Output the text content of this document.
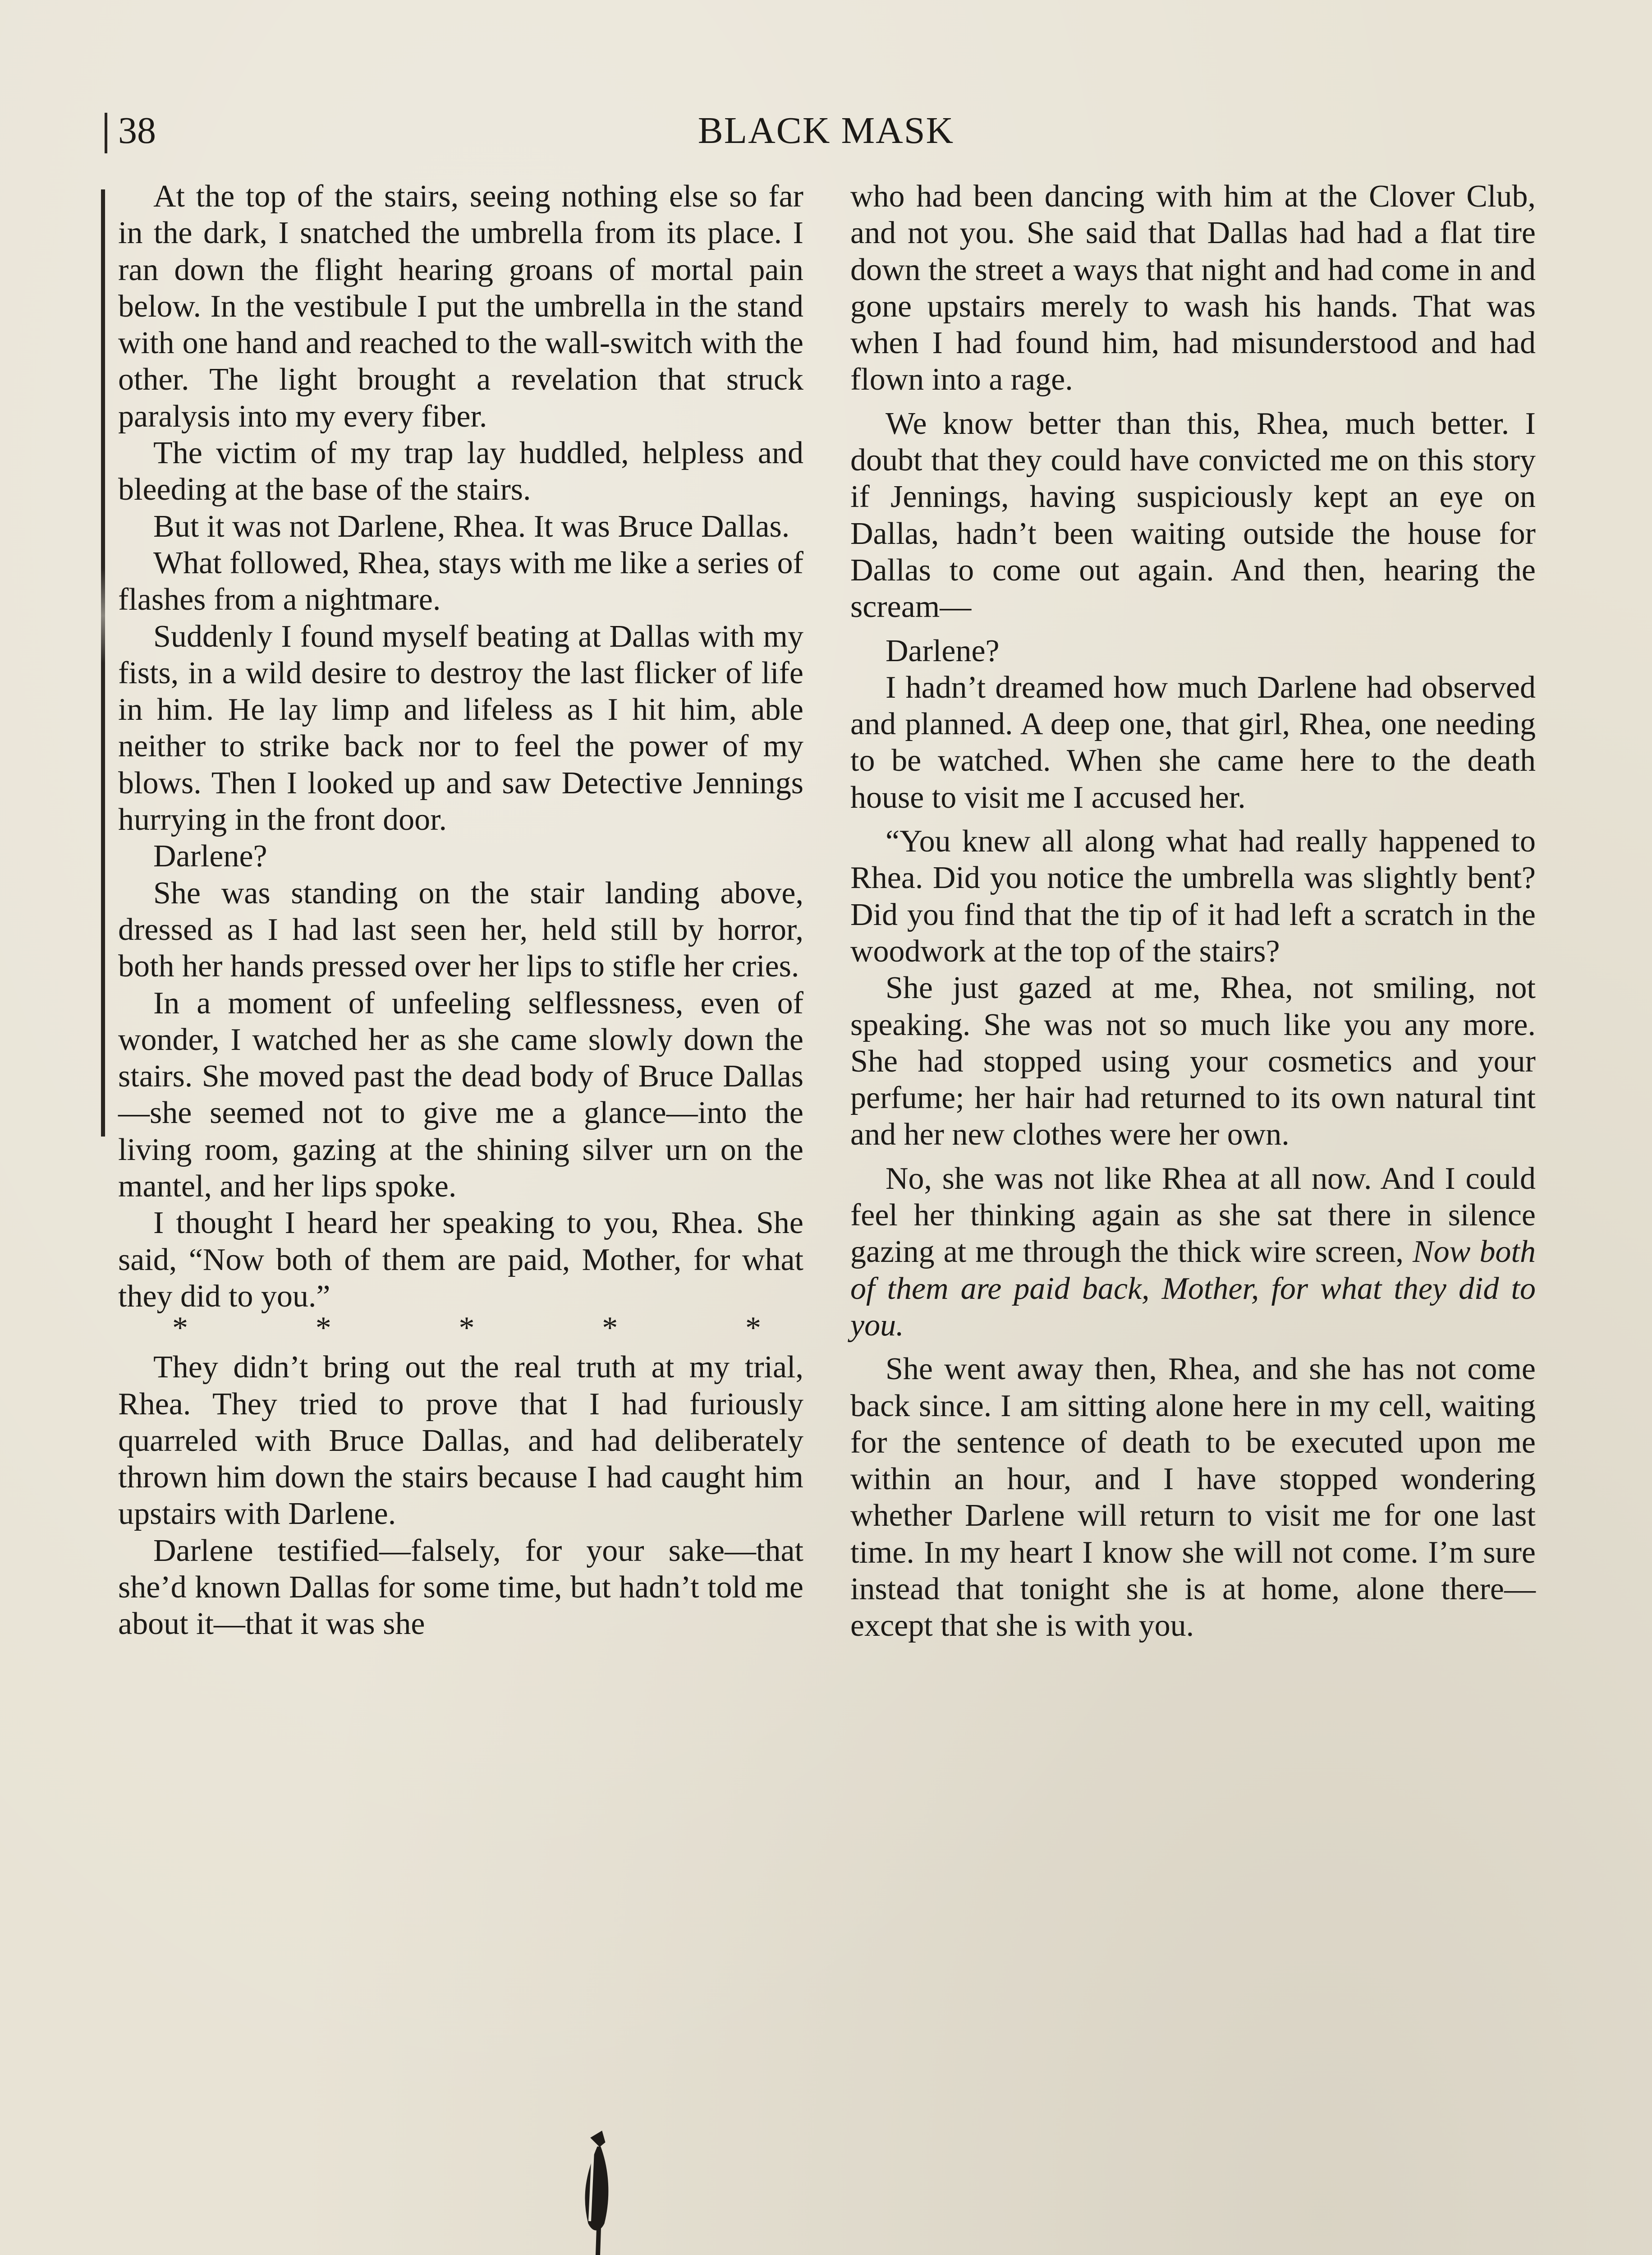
38	BLACK MASK

At the top of the stairs, seeing nothing else so far in the dark, I snatched the umbrella from its place. I ran down the flight hearing groans of mortal pain below. In the vestibule I put the umbrella in the stand with one hand and reached to the wall-switch with the other. The light brought a revelation that struck paralysis into my every fiber.

The victim of my trap lay huddled, helpless and bleeding at the base of the stairs.

But it was not Darlene, Rhea. It was Bruce Dallas.

What followed, Rhea, stays with me like a series of flashes from a nightmare.

Suddenly I found myself beating at Dallas with my fists, in a wild desire to destroy the last flicker of life in him. He lay limp and lifeless as I hit him, able neither to strike back nor to feel the power of my blows. Then I looked up and saw Detective Jennings hurrying in the front door.

Darlene?

She was standing on the stair landing above, dressed as I had last seen her, held still by horror, both her hands pressed over her lips to stifle her cries.

In a moment of unfeeling selflessness, even of wonder, I watched her as she came slowly down the stairs. She moved past the dead body of Bruce Dallas—she seemed not to give me a glance—into the living room, gazing at the shining silver urn on the mantel, and her lips spoke.

I thought I heard her speaking to you, Rhea. She said, “Now both of them are paid, Mother, for what they did to you.”

* * * * *

They didn’t bring out the real truth at my trial, Rhea. They tried to prove that I had furiously quarreled with Bruce Dallas, and had deliberately thrown him down the stairs because I had caught him upstairs with Darlene.

Darlene testified—falsely, for your sake—that she’d known Dallas for some time, but hadn’t told me about it—that it was she

who had been dancing with him at the Clover Club, and not you. She said that Dallas had had a flat tire down the street a ways that night and had come in and gone upstairs merely to wash his hands. That was when I had found him, had misunderstood and had flown into a rage.

We know better than this, Rhea, much better. I doubt that they could have convicted me on this story if Jennings, having suspiciously kept an eye on Dallas, hadn’t been waiting outside the house for Dallas to come out again. And then, hearing the scream—

Darlene?

I hadn’t dreamed how much Darlene had observed and planned. A deep one, that girl, Rhea, one needing to be watched. When she came here to the death house to visit me I accused her.

“You knew all along what had really happened to Rhea. Did you notice the umbrella was slightly bent? Did you find that the tip of it had left a scratch in the woodwork at the top of the stairs?

She just gazed at me, Rhea, not smiling, not speaking. She was not so much like you any more. She had stopped using your cosmetics and your perfume; her hair had returned to its own natural tint and her new clothes were her own.

No, she was not like Rhea at all now. And I could feel her thinking again as she sat there in silence gazing at me through the thick wire screen, Now both of them are paid back, Mother, for what they did to you.

She went away then, Rhea, and she has not come back since. I am sitting alone here in my cell, waiting for the sentence of death to be executed upon me within an hour, and I have stopped wondering whether Darlene will return to visit me for one last time. In my heart I know she will not come. I’m sure instead that tonight she is at home, alone there—except that she is with you.
